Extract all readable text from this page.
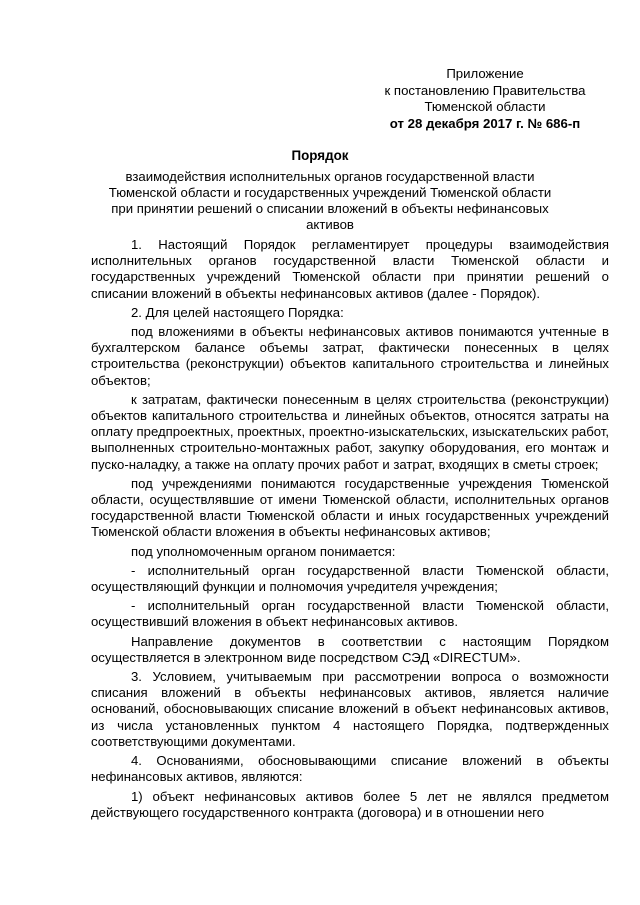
Приложение
к постановлению Правительства
Тюменской области
от 28 декабря 2017 г. № 686-п
Порядок
взаимодействия исполнительных органов государственной власти Тюменской области и государственных учреждений Тюменской области при принятии решений о списании вложений в объекты нефинансовых активов

1. Настоящий Порядок регламентирует процедуры взаимодействия исполнительных органов государственной власти Тюменской области и государственных учреждений Тюменской области при принятии решений о списании вложений в объекты нефинансовых активов (далее - Порядок).

2. Для целей настоящего Порядка:

под вложениями в объекты нефинансовых активов понимаются учтенные в бухгалтерском балансе объемы затрат, фактически понесенных в целях строительства (реконструкции) объектов капитального строительства и линейных объектов;

к затратам, фактически понесенным в целях строительства (реконструкции) объектов капитального строительства и линейных объектов, относятся затраты на оплату предпроектных, проектных, проектно-изыскательских, изыскательских работ, выполненных строительно-монтажных работ, закупку оборудования, его монтаж и пуско-наладку, а также на оплату прочих работ и затрат, входящих в сметы строек;

под учреждениями понимаются государственные учреждения Тюменской области, осуществлявшие от имени Тюменской области, исполнительных органов государственной власти Тюменской области и иных государственных учреждений Тюменской области вложения в объекты нефинансовых активов;

под уполномоченным органом понимается:

- исполнительный орган государственной власти Тюменской области, осуществляющий функции и полномочия учредителя учреждения;

- исполнительный орган государственной власти Тюменской области, осуществивший вложения в объект нефинансовых активов.

Направление документов в соответствии с настоящим Порядком осуществляется в электронном виде посредством СЭД «DIRECTUM».

3. Условием, учитываемым при рассмотрении вопроса о возможности списания вложений в объекты нефинансовых активов, является наличие оснований, обосновывающих списание вложений в объект нефинансовых активов, из числа установленных пунктом 4 настоящего Порядка, подтвержденных соответствующими документами.

4. Основаниями, обосновывающими списание вложений в объекты нефинансовых активов, являются:

1) объект нефинансовых активов более 5 лет не являлся предметом действующего государственного контракта (договора) и в отношении него
